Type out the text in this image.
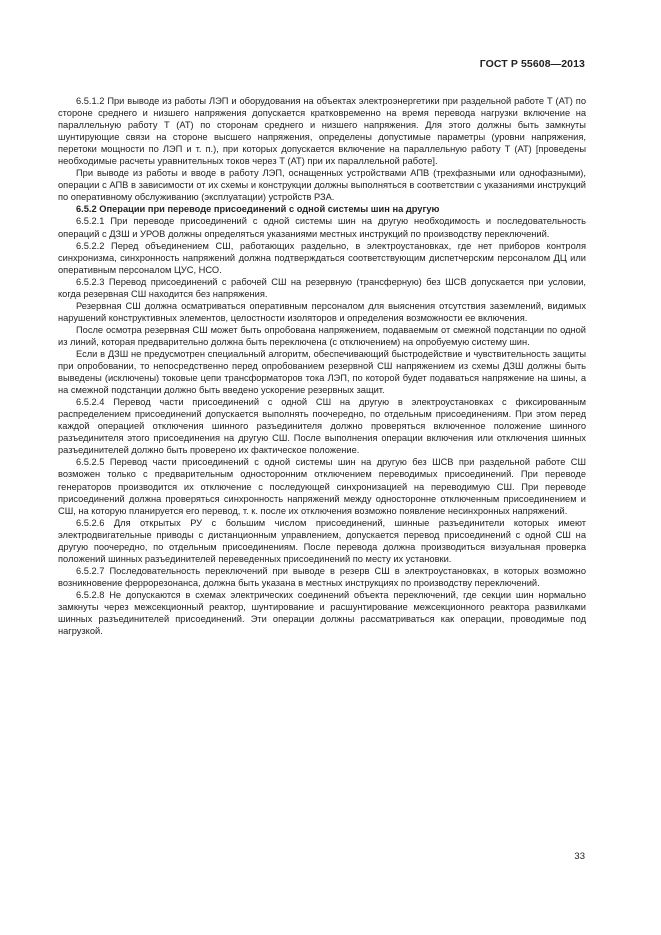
ГОСТ Р 55608—2013

6.5.1.2 При выводе из работы ЛЭП и оборудования на объектах электроэнергетики при раздельной работе Т (АТ) по стороне среднего и низшего напряжения допускается кратковременно на время перевода нагрузки включение на параллельную работу Т (АТ) по сторонам среднего и низшего напряжения. Для этого должны быть замкнуты шунтирующие связи на стороне высшего напряжения, определены допустимые параметры (уровни напряжения, перетоки мощности по ЛЭП и т. п.), при которых допускается включение на параллельную работу Т (АТ) [проведены необходимые расчеты уравнительных токов через Т (АТ) при их параллельной работе].

При выводе из работы и вводе в работу ЛЭП, оснащенных устройствами АПВ (трехфазными или однофазными), операции с АПВ в зависимости от их схемы и конструкции должны выполняться в соответствии с указаниями инструкций по оперативному обслуживанию (эксплуатации) устройств РЗА.

6.5.2 Операции при переводе присоединений с одной системы шин на другую

6.5.2.1 При переводе присоединений с одной системы шин на другую необходимость и последовательность операций с ДЗШ и УРОВ должны определяться указаниями местных инструкций по производству переключений.

6.5.2.2 Перед объединением СШ, работающих раздельно, в электроустановках, где нет приборов контроля синхронизма, синхронность напряжений должна подтверждаться соответствующим диспетчерским персоналом ДЦ или оперативным персоналом ЦУС, НСО.

6.5.2.3 Перевод присоединений с рабочей СШ на резервную (трансферную) без ШСВ допускается при условии, когда резервная СШ находится без напряжения.

Резервная СШ должна осматриваться оперативным персоналом для выяснения отсутствия заземлений, видимых нарушений конструктивных элементов, целостности изоляторов и определения возможности ее включения.

После осмотра резервная СШ может быть опробована напряжением, подаваемым от смежной подстанции по одной из линий, которая предварительно должна быть переключена (с отключением) на опробуемую систему шин.

Если в ДЗШ не предусмотрен специальный алгоритм, обеспечивающий быстродействие и чувствительность защиты при опробовании, то непосредственно перед опробованием резервной СШ напряжением из схемы ДЗШ должны быть выведены (исключены) токовые цепи трансформаторов тока ЛЭП, по которой будет подаваться напряжение на шины, а на смежной подстанции должно быть введено ускорение резервных защит.

6.5.2.4 Перевод части присоединений с одной СШ на другую в электроустановках с фиксированным распределением присоединений допускается выполнять поочередно, по отдельным присоединениям. При этом перед каждой операцией отключения шинного разъединителя должно проверяться включенное положение шинного разъединителя этого присоединения на другую СШ. После выполнения операции включения или отключения шинных разъединителей должно быть проверено их фактическое положение.

6.5.2.5 Перевод части присоединений с одной системы шин на другую без ШСВ при раздельной работе СШ возможен только с предварительным односторонним отключением переводимых присоединений. При переводе генераторов производится их отключение с последующей синхронизацией на переводимую СШ. При переводе присоединений должна проверяться синхронность напряжений между односторонне отключенным присоединением и СШ, на которую планируется его перевод, т. к. после их отключения возможно появление несинхронных напряжений.

6.5.2.6 Для открытых РУ с большим числом присоединений, шинные разъединители которых имеют электродвигательные приводы с дистанционным управлением, допускается перевод присоединений с одной СШ на другую поочередно, по отдельным присоединениям. После перевода должна производиться визуальная проверка положений шинных разъединителей переведенных присоединений по месту их установки.

6.5.2.7 Последовательность переключений при выводе в резерв СШ в электроустановках, в которых возможно возникновение феррорезонанса, должна быть указана в местных инструкциях по производству переключений.

6.5.2.8 Не допускаются в схемах электрических соединений объекта переключений, где секции шин нормально замкнуты через межсекционный реактор, шунтирование и расшунтирование межсекционного реактора развилками шинных разъединителей присоединений. Эти операции должны рассматриваться как операции, проводимые под нагрузкой.

33
